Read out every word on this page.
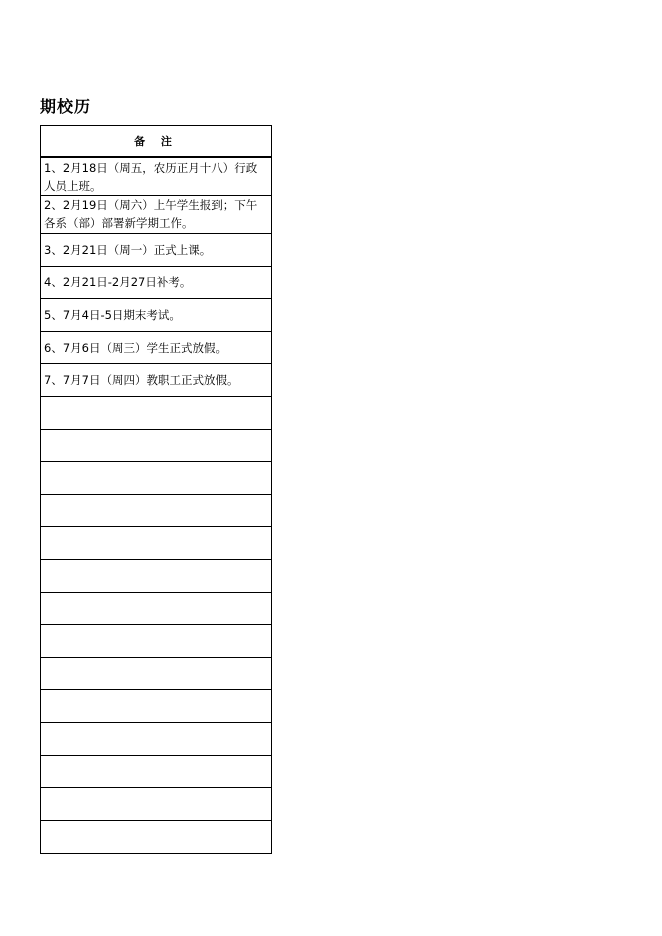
期校历
备 注
1、2月18日（周五，农历正月十八）行政人员上班。
2、2月19日（周六）上午学生报到；下午各系（部）部署新学期工作。
3、2月21日（周一）正式上课。
4、2月21日-2月27日补考。
5、7月4日-5日期末考试。
6、7月6日（周三）学生正式放假。
7、7月7日（周四）教职工正式放假。
